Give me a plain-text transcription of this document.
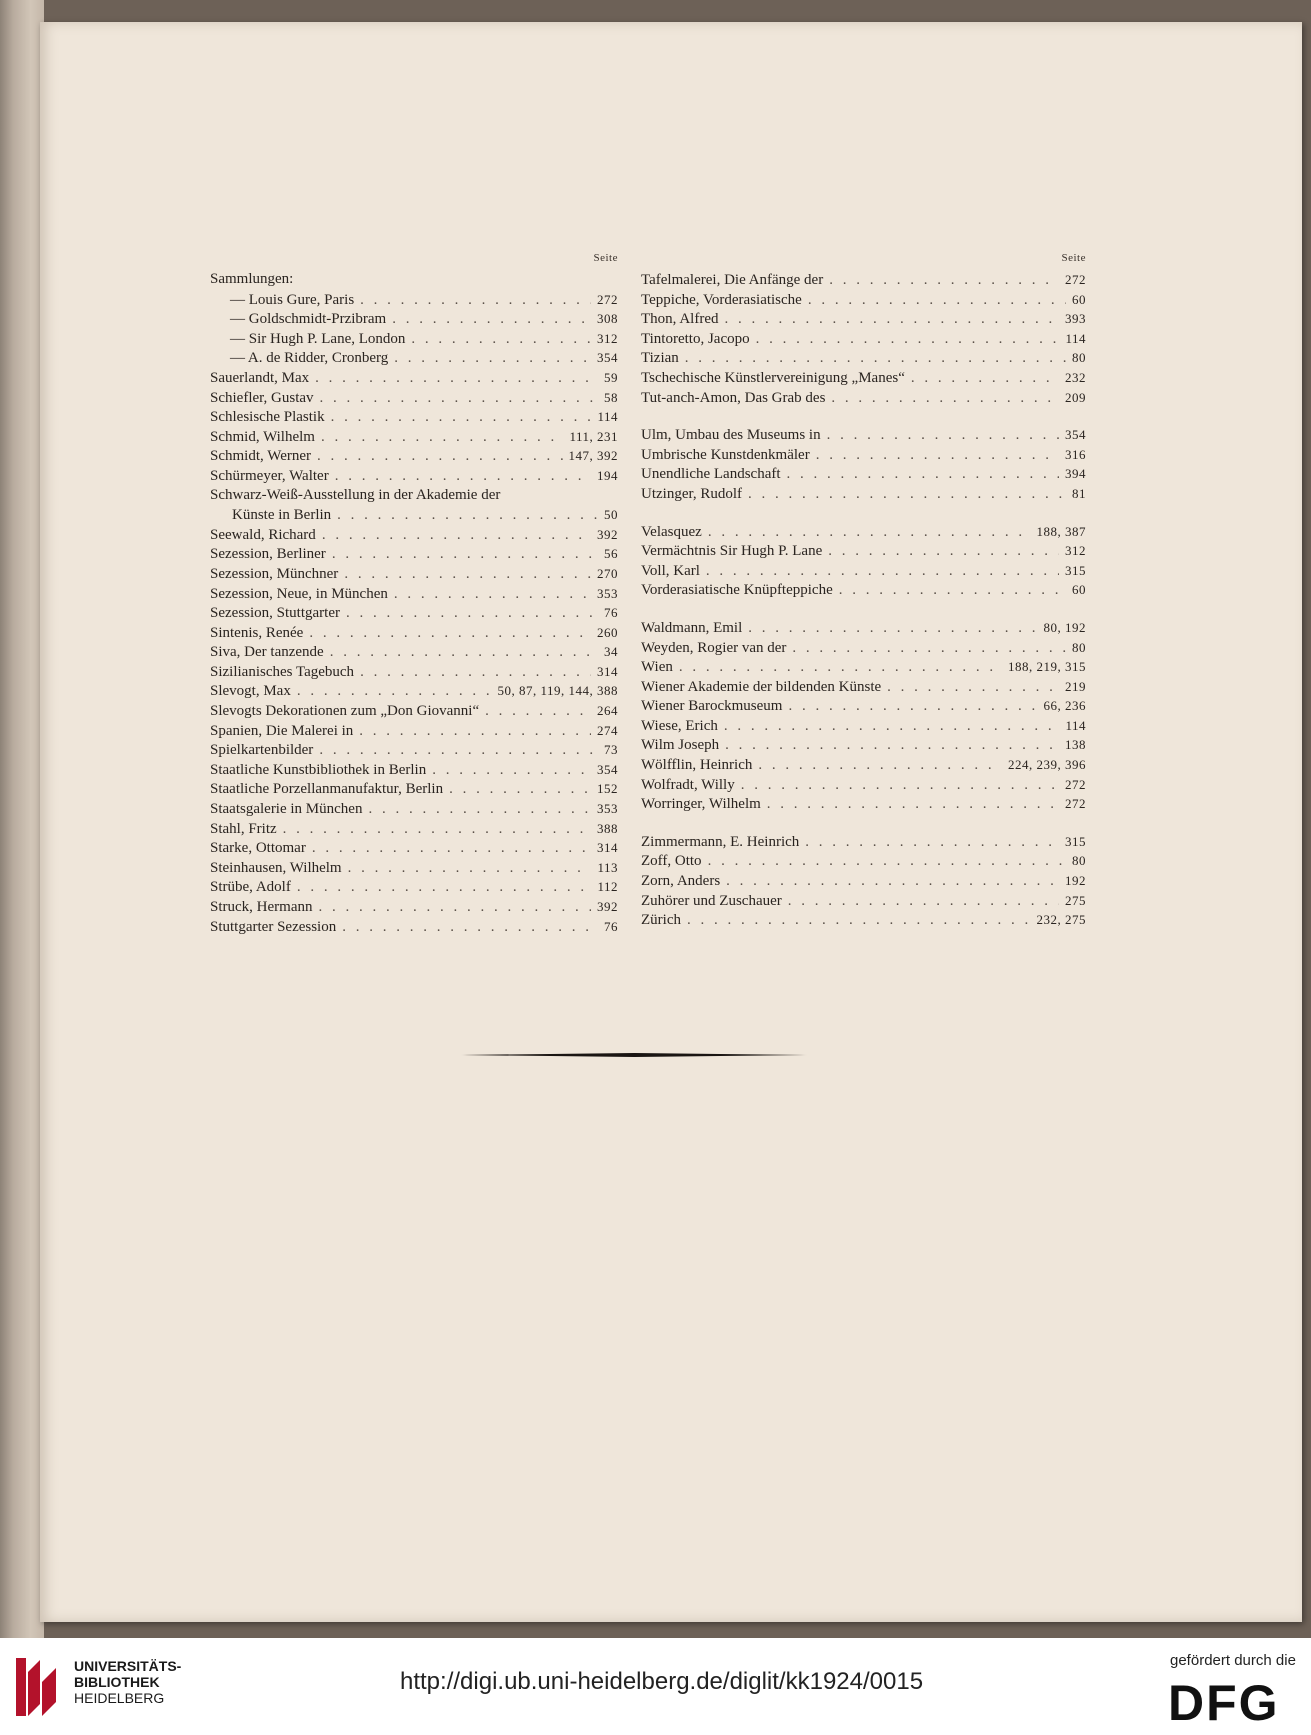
Seite
Sammlungen:
— Louis Gure, Paris . . .	272
— Goldschmidt-Przibram . . .	308
— Sir Hugh P. Lane, London . . .	312
— A. de Ridder, Cronberg . . .	354
Sauerlandt, Max . . .	59
Schiefler, Gustav . . .	58
Schlesische Plastik . . .	114
Schmid, Wilhelm . . .	111, 231
Schmidt, Werner . . .	147, 392
Schürmeyer, Walter . . .	194
Schwarz-Weiß-Ausstellung in der Akademie der
Künste in Berlin . . .	50
Seewald, Richard . . .	392
Sezession, Berliner . . .	56
Sezession, Münchner . . .	270
Sezession, Neue, in München . . .	353
Sezession, Stuttgarter . . .	76
Sintenis, Renée . . .	260
Siva, Der tanzende . . .	34
Sizilianisches Tagebuch . . .	314
Slevogt, Max . . .	50, 87, 119, 144, 388
Slevogts Dekorationen zum „Don Giovanni“ . . .	264
Spanien, Die Malerei in . . .	274
Spielkartenbilder . . .	73
Staatliche Kunstbibliothek in Berlin . . .	354
Staatliche Porzellanmanufaktur, Berlin . . .	152
Staatsgalerie in München . . .	353
Stahl, Fritz . . .	388
Starke, Ottomar . . .	314
Steinhausen, Wilhelm . . .	113
Strübe, Adolf . . .	112
Struck, Hermann . . .	392
Stuttgarter Sezession . . .	76
Seite
Tafelmalerei, Die Anfänge der . . .	272
Teppiche, Vorderasiatische . . .	60
Thon, Alfred . . .	393
Tintoretto, Jacopo . . .	114
Tizian . . .	80
Tschechische Künstlervereinigung „Manes“ . . .	232
Tut-anch-Amon, Das Grab des . . .	209
Ulm, Umbau des Museums in . . .	354
Umbrische Kunstdenkmäler . . .	316
Unendliche Landschaft . . .	394
Utzinger, Rudolf . . .	81
Velasquez . . .	188, 387
Vermächtnis Sir Hugh P. Lane . . .	312
Voll, Karl . . .	315
Vorderasiatische Knüpfteppiche . . .	60
Waldmann, Emil . . .	80, 192
Weyden, Rogier van der . . .	80
Wien . . .	188, 219, 315
Wiener Akademie der bildenden Künste . . .	219
Wiener Barockmuseum . . .	66, 236
Wiese, Erich . . .	114
Wilm Joseph . . .	138
Wölfflin, Heinrich . . .	224, 239, 396
Wolfradt, Willy . . .	272
Worringer, Wilhelm . . .	272
Zimmermann, E. Heinrich . . .	315
Zoff, Otto . . .	80
Zorn, Anders . . .	192
Zuhörer und Zuschauer . . .	275
Zürich . . .	232, 275
UNIVERSITÄTS-
BIBLIOTHEK
HEIDELBERG
http://digi.ub.uni-heidelberg.de/diglit/kk1924/0015
gefördert durch die
DFG
